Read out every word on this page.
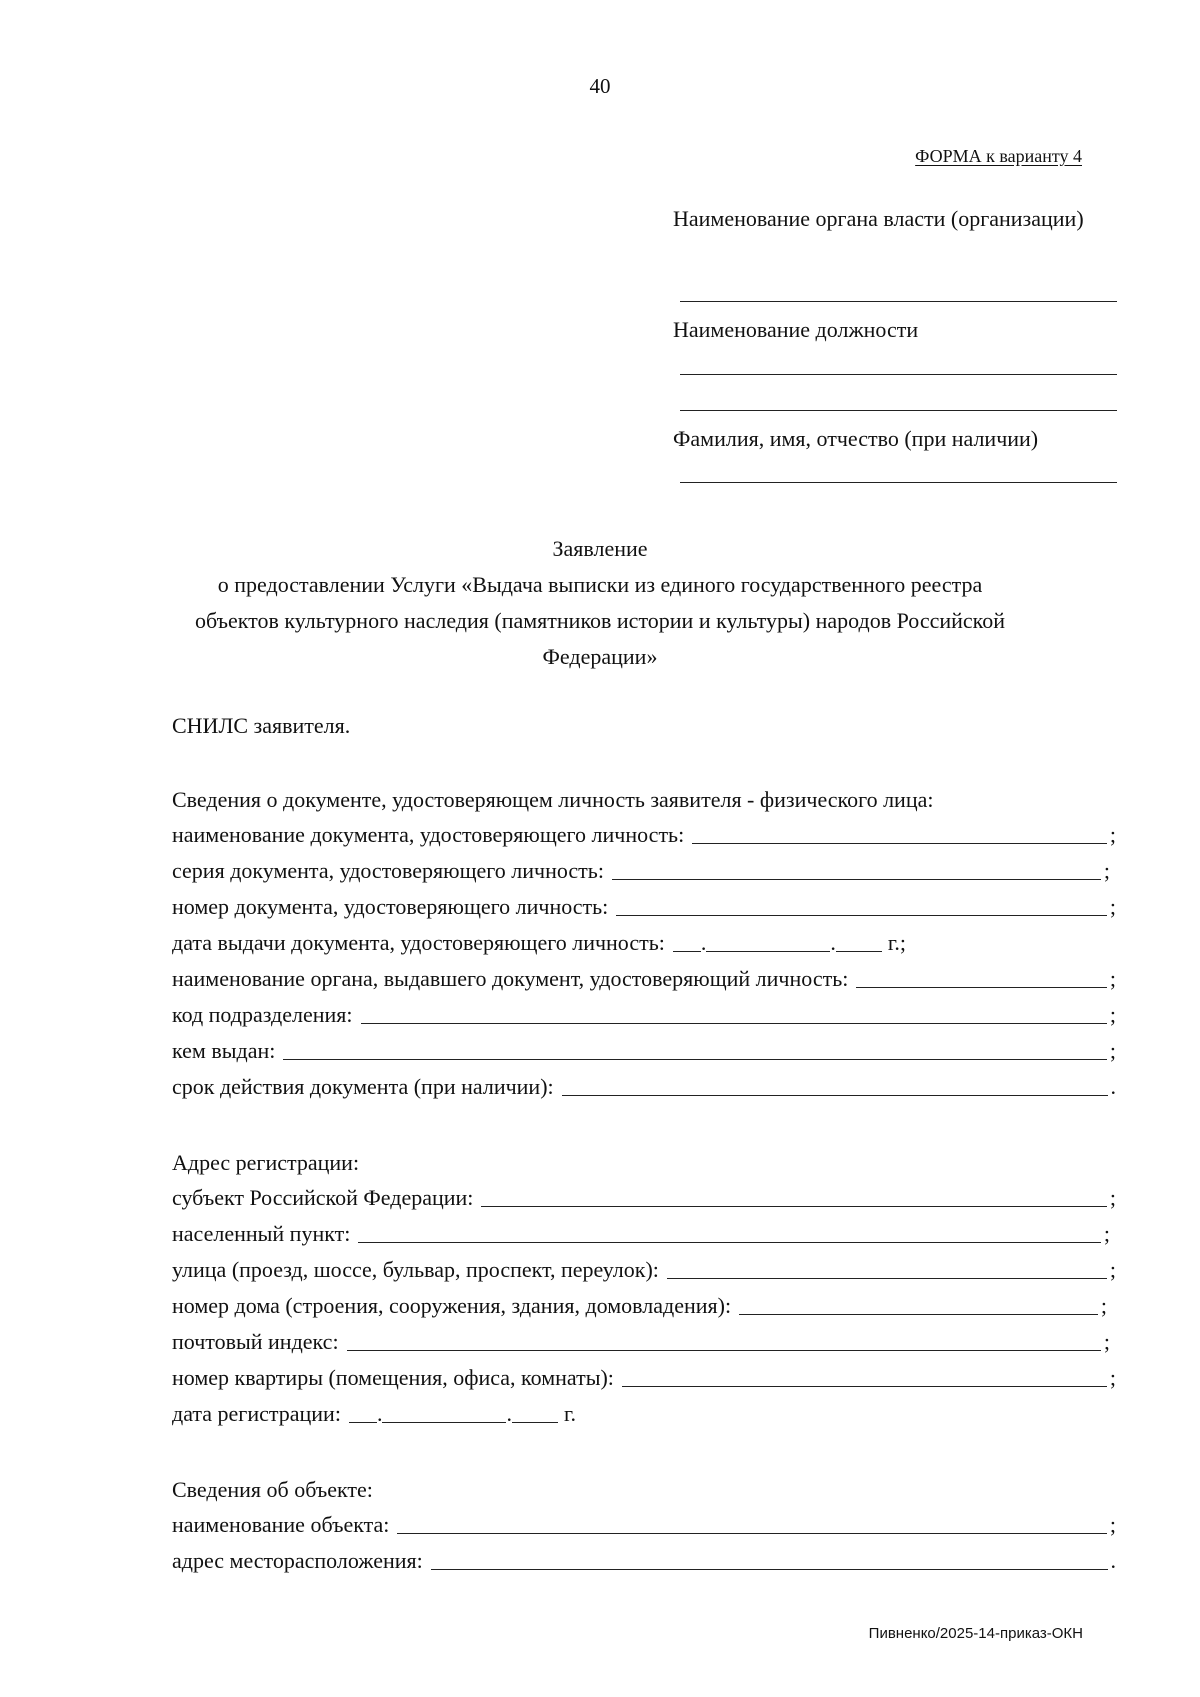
40
ФОРМА к варианту 4
Наименование органа власти (организации)
Наименование должности
Фамилия, имя, отчество (при наличии)
Заявление
о предоставлении Услуги «Выдача выписки из единого государственного реестра
объектов культурного наследия (памятников истории и культуры) народов Российской
Федерации»
СНИЛС заявителя.
Сведения о документе, удостоверяющем личность заявителя - физического лица:
наименование документа, удостоверяющего личность:	;
серия документа, удостоверяющего личность:	;
номер документа, удостоверяющего личность:	;
дата выдачи документа, удостоверяющего личность: .	. г.;
наименование органа, выдавшего документ, удостоверяющий личность:	;
код подразделения:	;
кем выдан:	;
срок действия документа (при наличии):	.
Адрес регистрации:
субъект Российской Федерации:	;
населенный пункт:	;
улица (проезд, шоссе, бульвар, проспект, переулок):	;
номер дома (строения, сооружения, здания, домовладения):	;
почтовый индекс:	;
номер квартиры (помещения, офиса, комнаты):	;
дата регистрации: .	. г.
Сведения об объекте:
наименование объекта:	;
адрес месторасположения:	.
Пивненко/2025-14-приказ-ОКН
